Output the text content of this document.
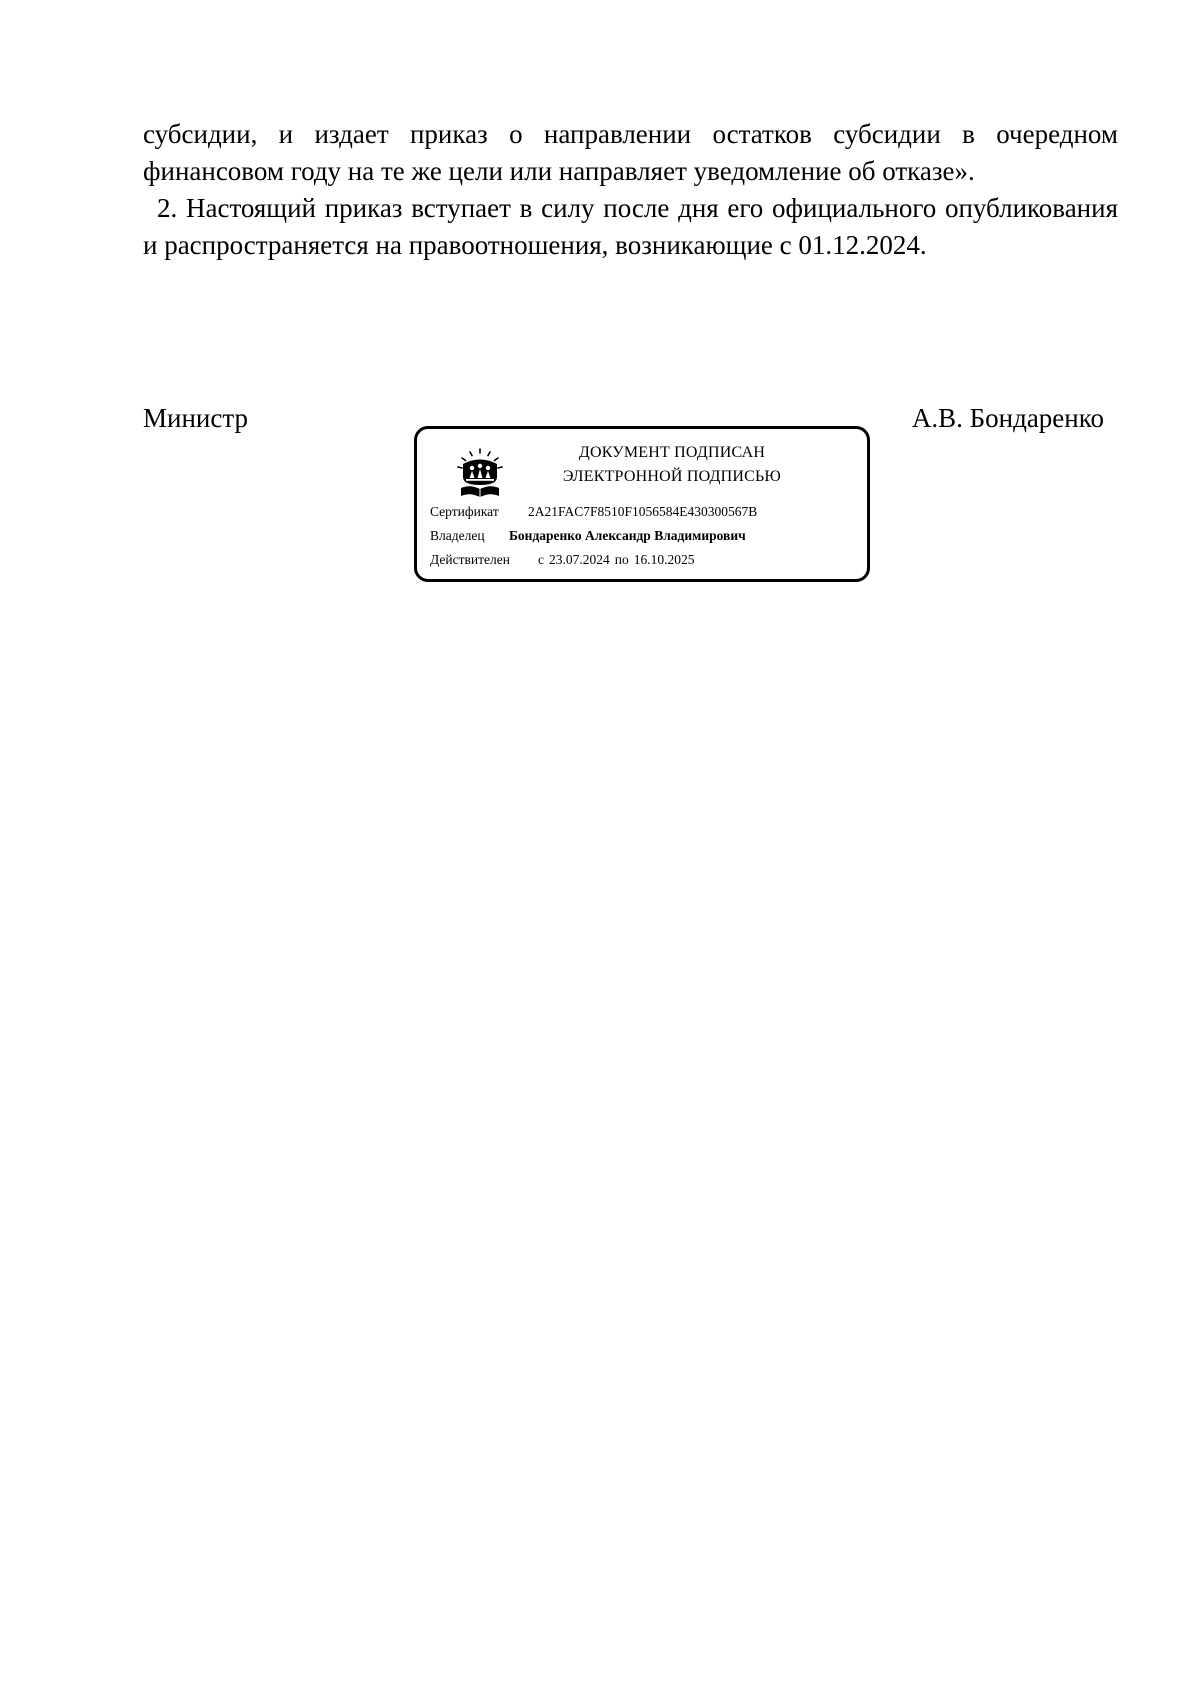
субсидии, и издает приказ о направлении остатков субсидии в очередном финансовом году на те же цели или направляет уведомление об отказе».

2. Настоящий приказ вступает в силу после дня его официального опубликования и распространяется на правоотношения, возникающие с 01.12.2024.

Министр	А.В. Бондаренко
ДОКУМЕНТ ПОДПИСАН
ЭЛЕКТРОННОЙ ПОДПИСЬЮ
Сертификат 2A21FAC7F8510F1056584E430300567B
Владелец Бондаренко Александр Владимирович
Действителен с 23.07.2024 по 16.10.2025
